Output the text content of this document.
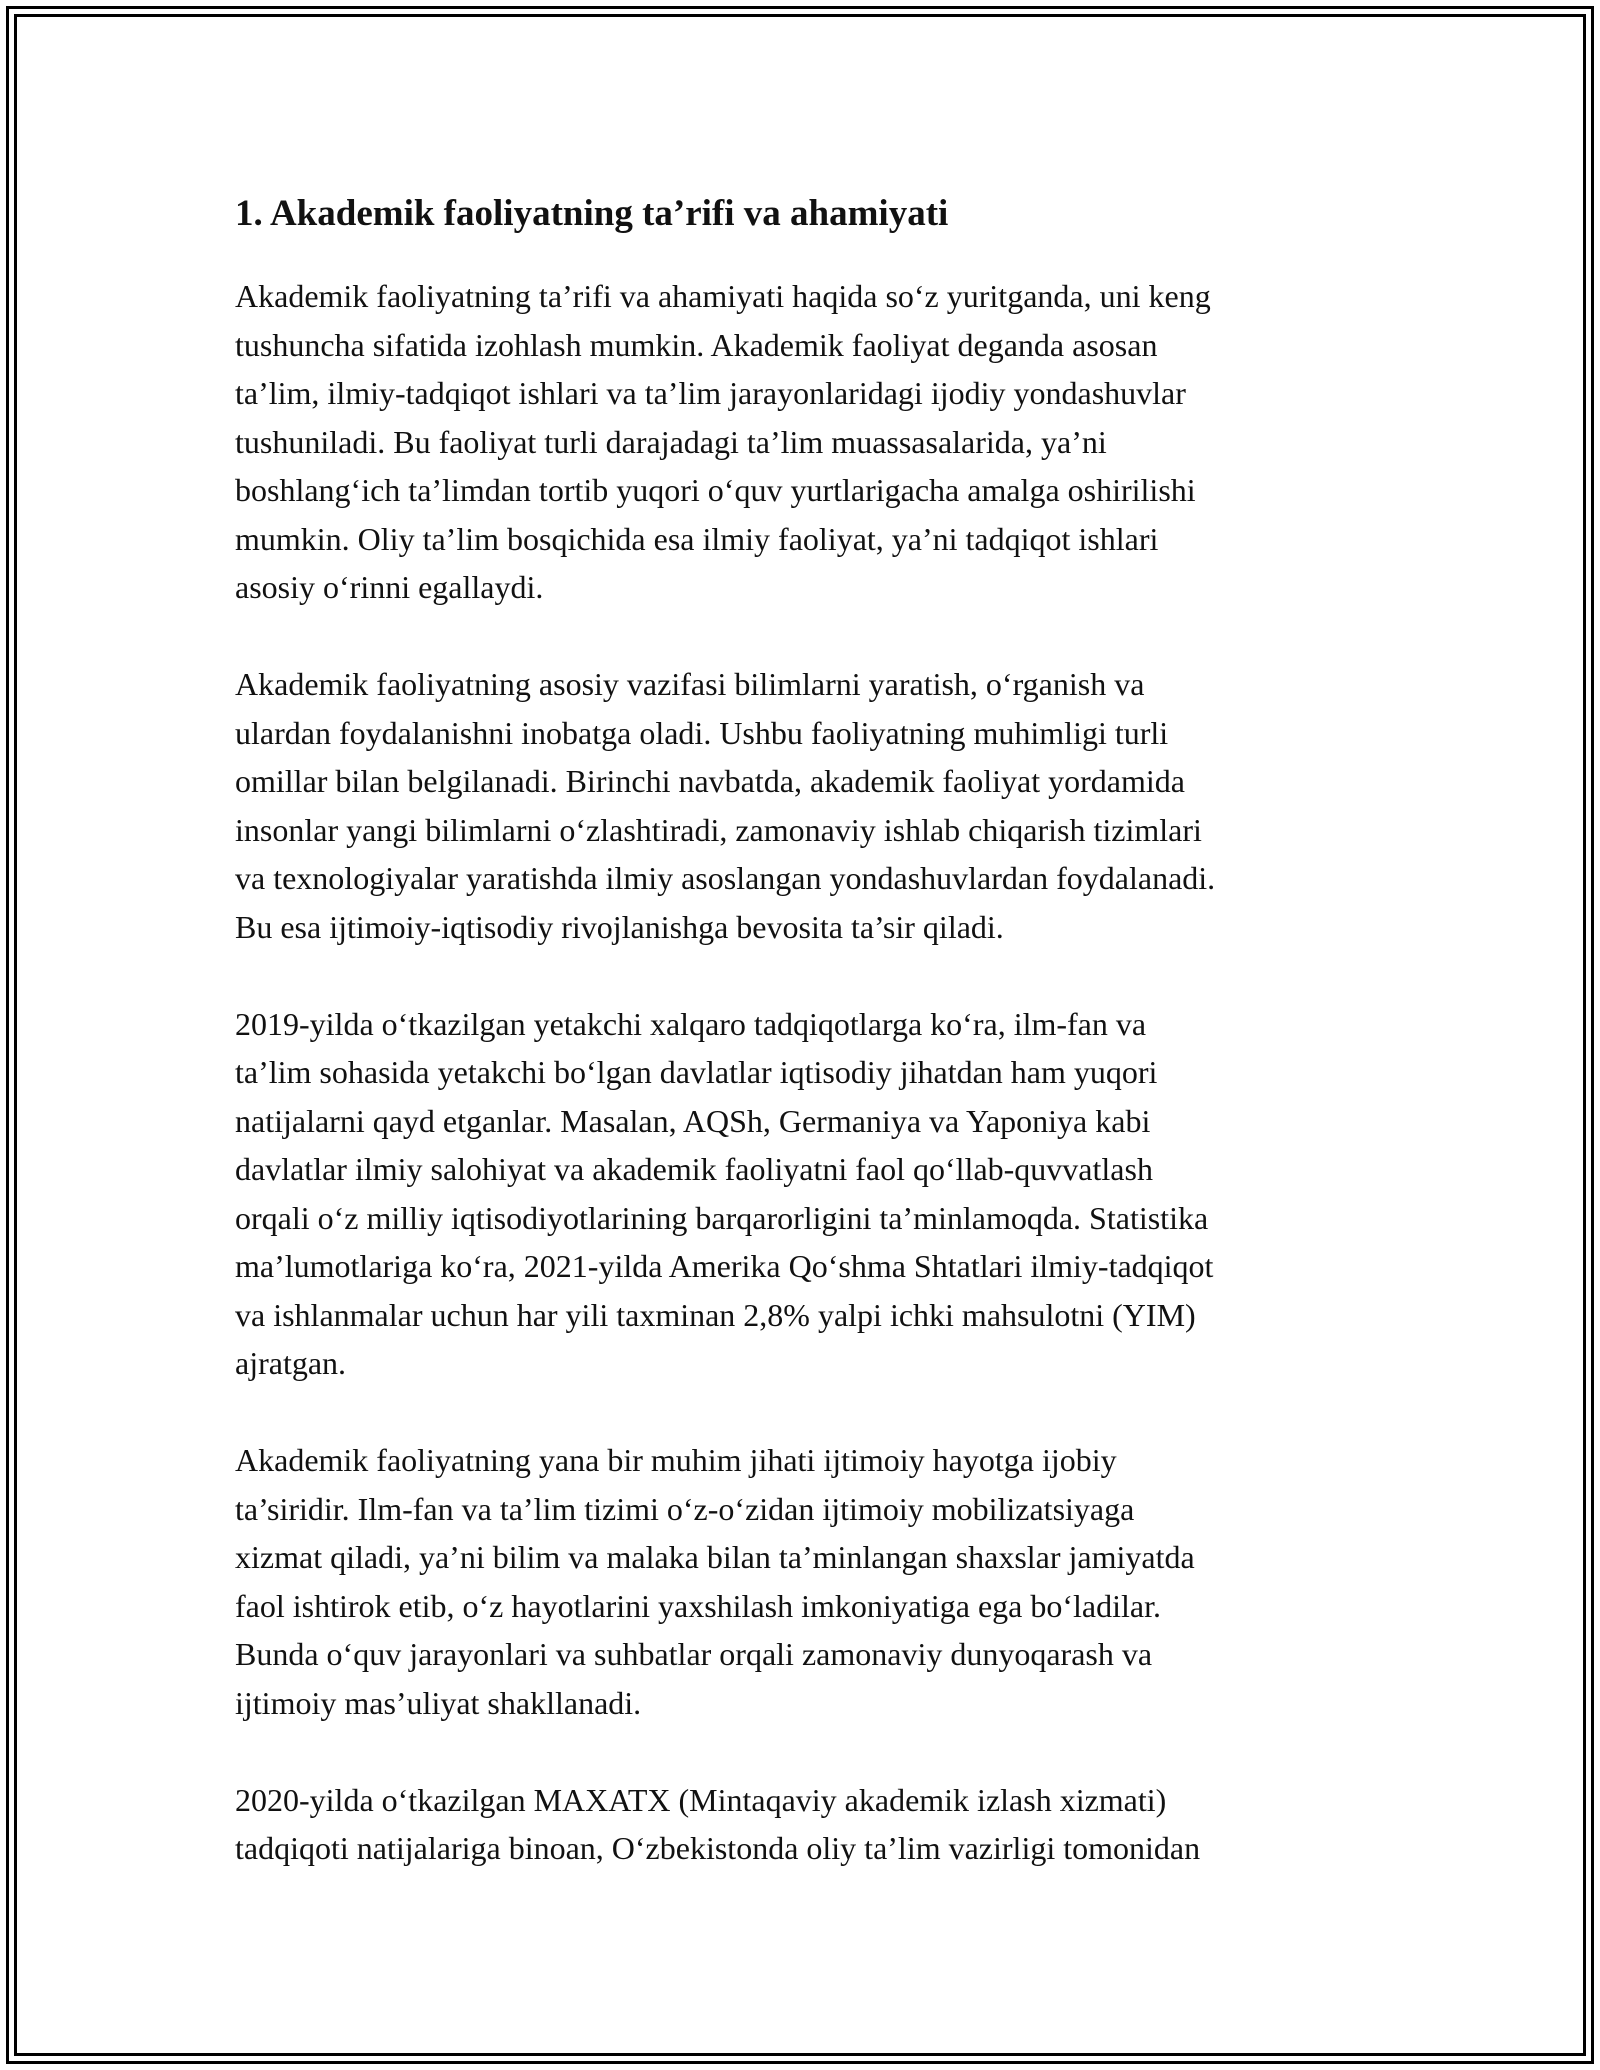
1. Akademik faoliyatning ta’rifi va ahamiyati

Akademik faoliyatning ta’rifi va ahamiyati haqida so‘z yuritganda, uni keng
tushuncha sifatida izohlash mumkin. Akademik faoliyat deganda asosan
ta’lim, ilmiy-tadqiqot ishlari va ta’lim jarayonlaridagi ijodiy yondashuvlar
tushuniladi. Bu faoliyat turli darajadagi ta’lim muassasalarida, ya’ni
boshlang‘ich ta’limdan tortib yuqori o‘quv yurtlarigacha amalga oshirilishi
mumkin. Oliy ta’lim bosqichida esa ilmiy faoliyat, ya’ni tadqiqot ishlari
asosiy o‘rinni egallaydi.

Akademik faoliyatning asosiy vazifasi bilimlarni yaratish, o‘rganish va
ulardan foydalanishni inobatga oladi. Ushbu faoliyatning muhimligi turli
omillar bilan belgilanadi. Birinchi navbatda, akademik faoliyat yordamida
insonlar yangi bilimlarni o‘zlashtiradi, zamonaviy ishlab chiqarish tizimlari
va texnologiyalar yaratishda ilmiy asoslangan yondashuvlardan foydalanadi.
Bu esa ijtimoiy-iqtisodiy rivojlanishga bevosita ta’sir qiladi.

2019-yilda o‘tkazilgan yetakchi xalqaro tadqiqotlarga ko‘ra, ilm-fan va
ta’lim sohasida yetakchi bo‘lgan davlatlar iqtisodiy jihatdan ham yuqori
natijalarni qayd etganlar. Masalan, AQSh, Germaniya va Yaponiya kabi
davlatlar ilmiy salohiyat va akademik faoliyatni faol qo‘llab-quvvatlash
orqali o‘z milliy iqtisodiyotlarining barqarorligini ta’minlamoqda. Statistika
ma’lumotlariga ko‘ra, 2021-yilda Amerika Qo‘shma Shtatlari ilmiy-tadqiqot
va ishlanmalar uchun har yili taxminan 2,8% yalpi ichki mahsulotni (YIM)
ajratgan.

Akademik faoliyatning yana bir muhim jihati ijtimoiy hayotga ijobiy
ta’siridir. Ilm-fan va ta’lim tizimi o‘z-o‘zidan ijtimoiy mobilizatsiyaga
xizmat qiladi, ya’ni bilim va malaka bilan ta’minlangan shaxslar jamiyatda
faol ishtirok etib, o‘z hayotlarini yaxshilash imkoniyatiga ega bo‘ladilar.
Bunda o‘quv jarayonlari va suhbatlar orqali zamonaviy dunyoqarash va
ijtimoiy mas’uliyat shakllanadi.

2020-yilda o‘tkazilgan MAXATX (Mintaqaviy akademik izlash xizmati)
tadqiqoti natijalariga binoan, O‘zbekistonda oliy ta’lim vazirligi tomonidan
